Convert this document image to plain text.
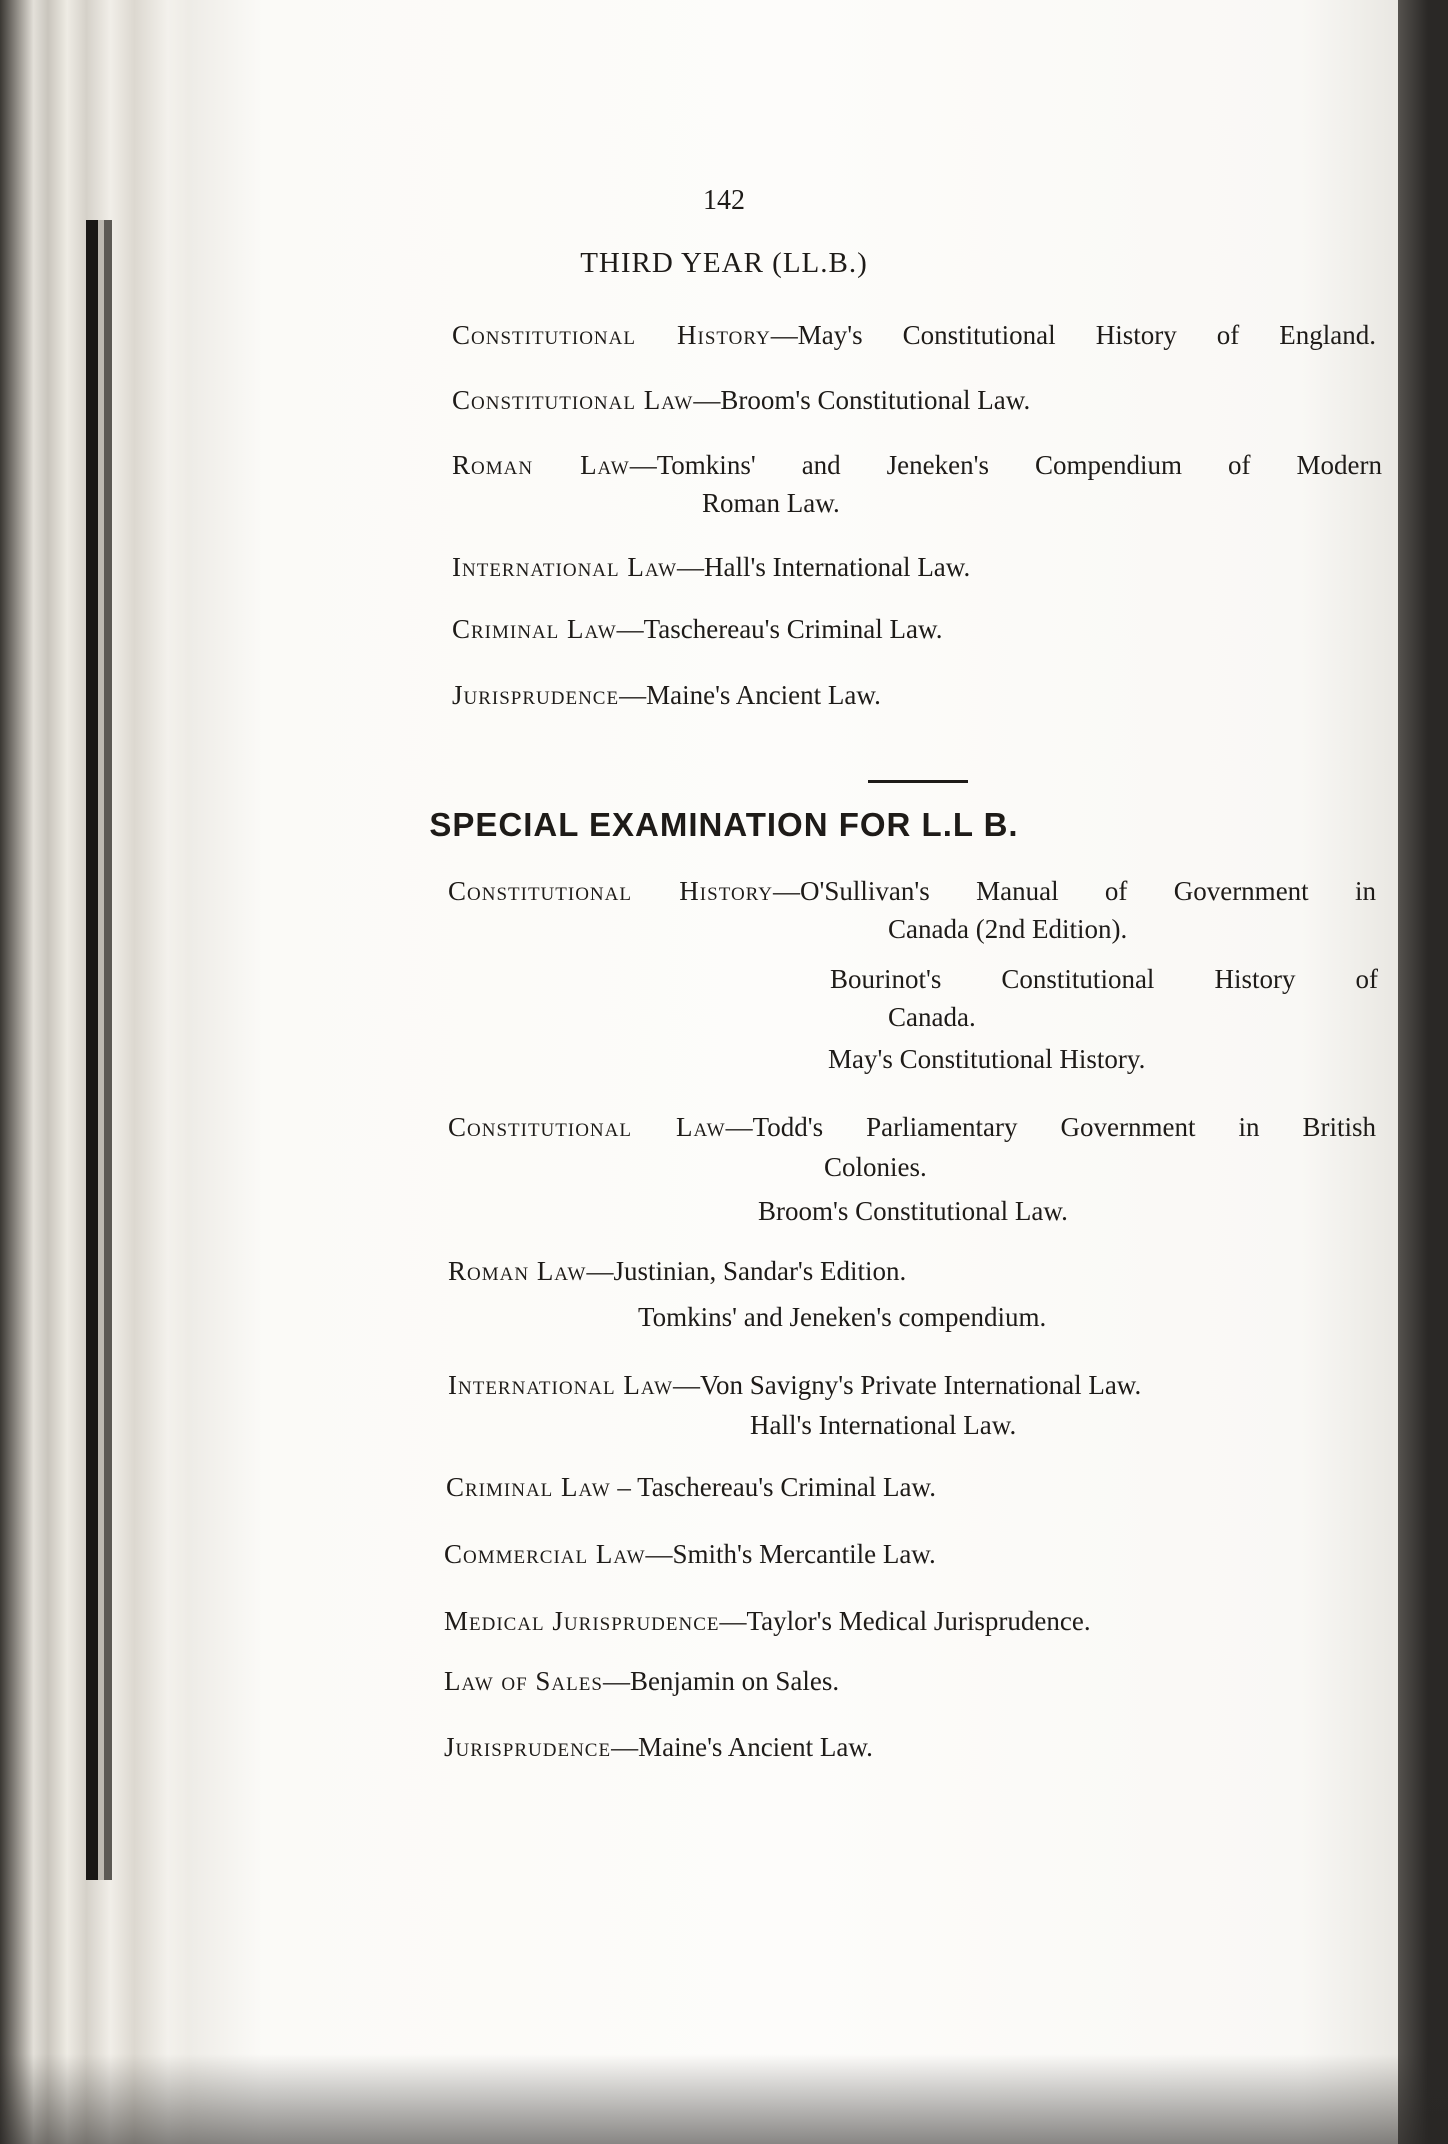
142
THIRD YEAR (LL.B.)
Constitutional History—May's Constitutional History of England.
Constitutional Law—Broom's Constitutional Law.
Roman Law—Tomkins' and Jeneken's Compendium of Modern
Roman Law.
International Law—Hall's International Law.
Criminal Law—Taschereau's Criminal Law.
Jurisprudence—Maine's Ancient Law.
SPECIAL EXAMINATION FOR L.L B.
Constitutional History—O'Sullivan's Manual of Government in
Canada (2nd Edition).
Bourinot's Constitutional History of
Canada.
May's Constitutional History.
Constitutional Law—Todd's Parliamentary Government in British
Colonies.
Broom's Constitutional Law.
Roman Law—Justinian, Sandar's Edition.
Tomkins' and Jeneken's compendium.
International Law—Von Savigny's Private International Law.
Hall's International Law.
Criminal Law – Taschereau's Criminal Law.
Commercial Law—Smith's Mercantile Law.
Medical Jurisprudence—Taylor's Medical Jurisprudence.
Law of Sales—Benjamin on Sales.
Jurisprudence—Maine's Ancient Law.
